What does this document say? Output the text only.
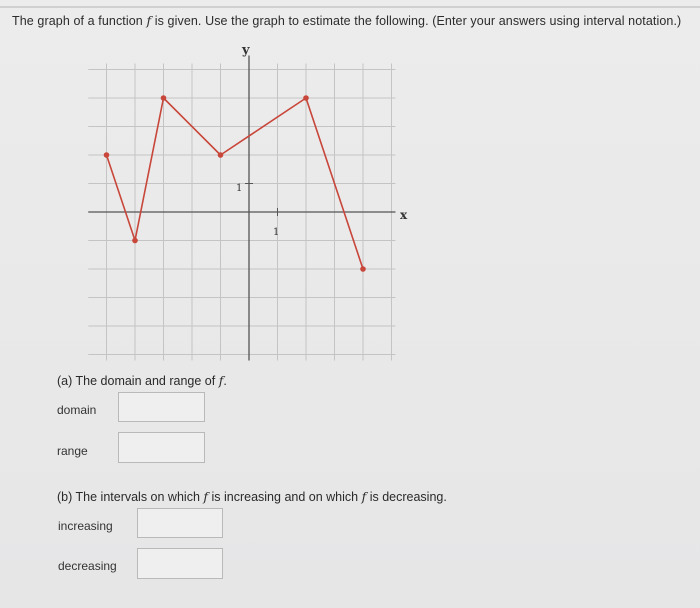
The graph of a function f is given. Use the graph to estimate the following. (Enter your answers using interval notation.)
y
x
1
1
(a) The domain and range of f.
domain
range
(b) The intervals on which f is increasing and on which f is decreasing.
increasing
decreasing
